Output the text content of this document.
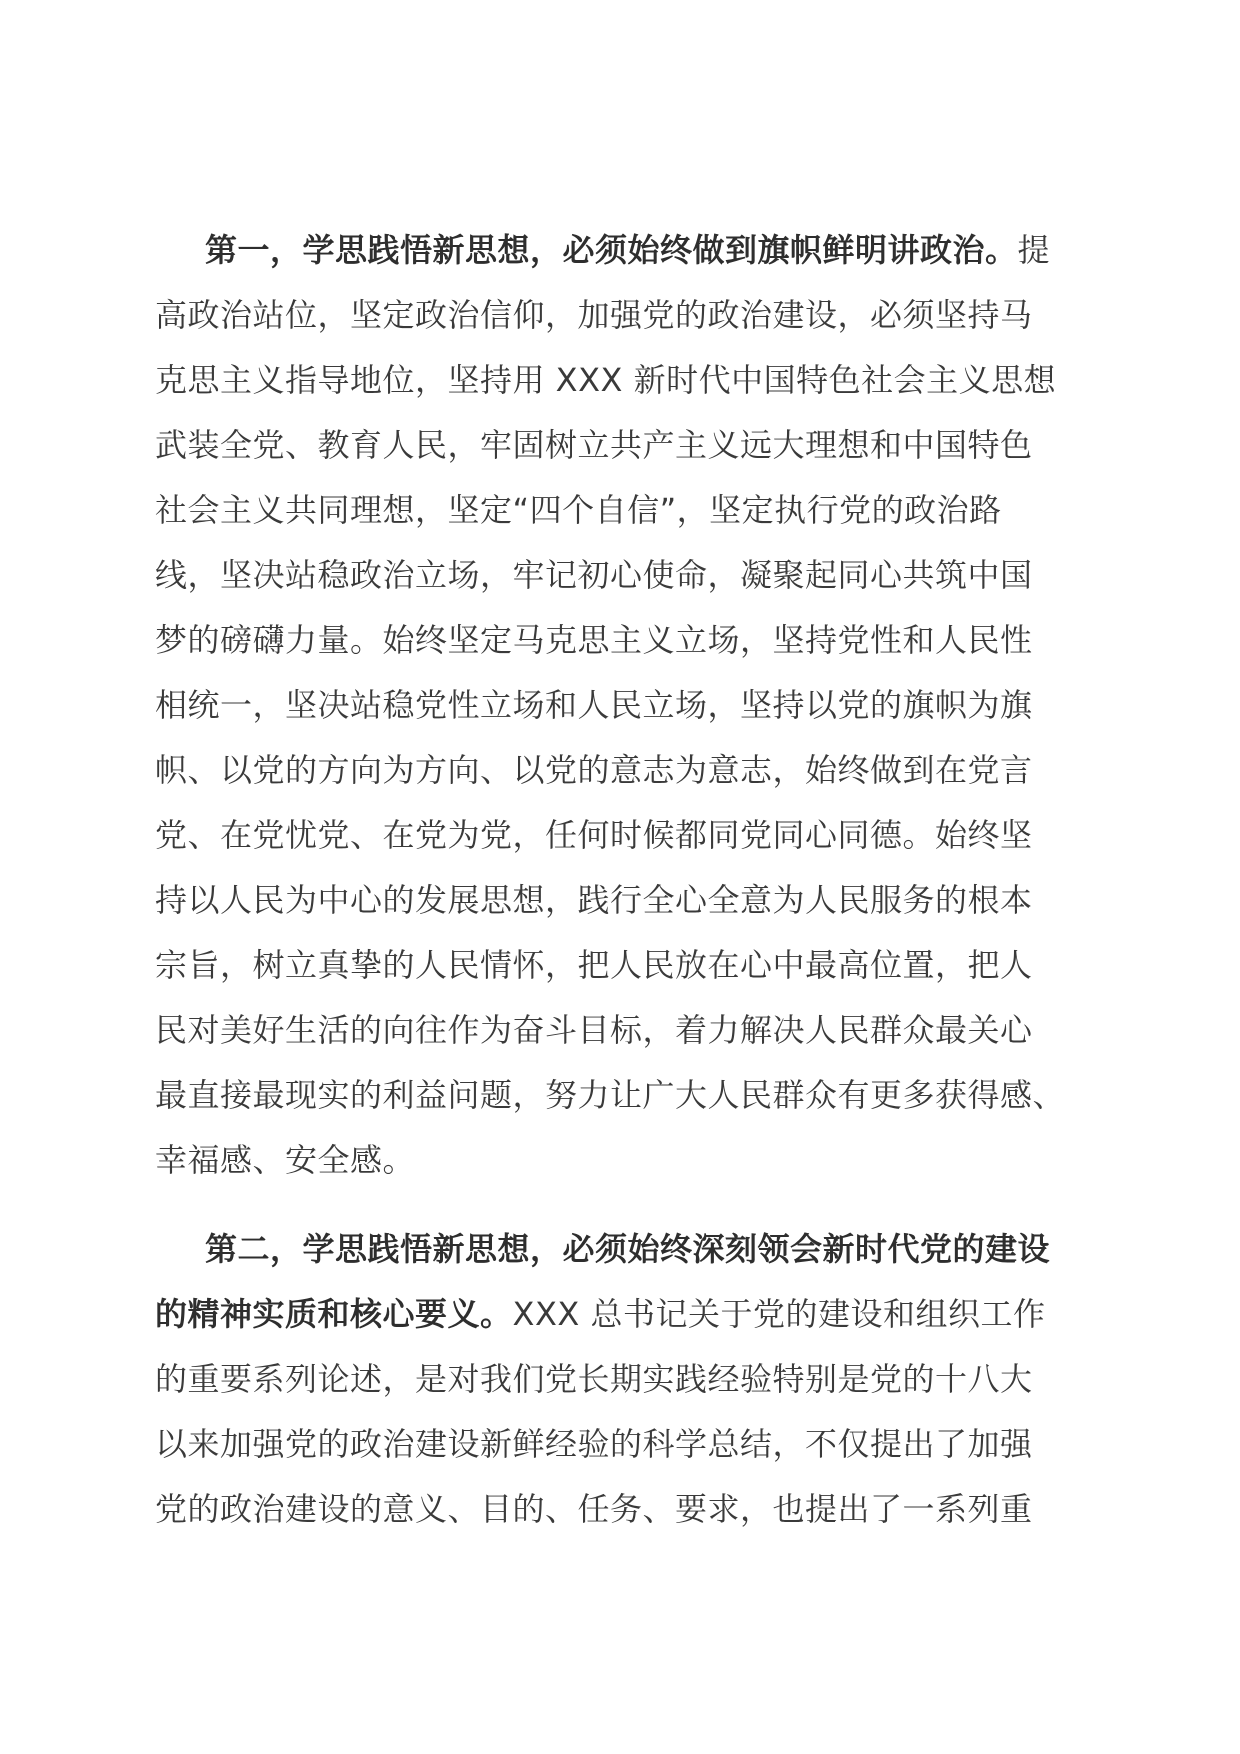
第一，学思践悟新思想，必须始终做到旗帜鲜明讲政治。提
高政治站位，坚定政治信仰，加强党的政治建设，必须坚持马
克思主义指导地位，坚持用 XXX 新时代中国特色社会主义思想
武装全党、教育人民，牢固树立共产主义远大理想和中国特色
社会主义共同理想，坚定“四个自信”，坚定执行党的政治路
线，坚决站稳政治立场，牢记初心使命，凝聚起同心共筑中国
梦的磅礴力量。始终坚定马克思主义立场，坚持党性和人民性
相统一，坚决站稳党性立场和人民立场，坚持以党的旗帜为旗
帜、以党的方向为方向、以党的意志为意志，始终做到在党言
党、在党忧党、在党为党，任何时候都同党同心同德。始终坚
持以人民为中心的发展思想，践行全心全意为人民服务的根本
宗旨，树立真挚的人民情怀，把人民放在心中最高位置，把人
民对美好生活的向往作为奋斗目标，着力解决人民群众最关心
最直接最现实的利益问题，努力让广大人民群众有更多获得感、
幸福感、安全感。

第二，学思践悟新思想，必须始终深刻领会新时代党的建设
的精神实质和核心要义。XXX 总书记关于党的建设和组织工作
的重要系列论述，是对我们党长期实践经验特别是党的十八大
以来加强党的政治建设新鲜经验的科学总结，不仅提出了加强
党的政治建设的意义、目的、任务、要求，也提出了一系列重
